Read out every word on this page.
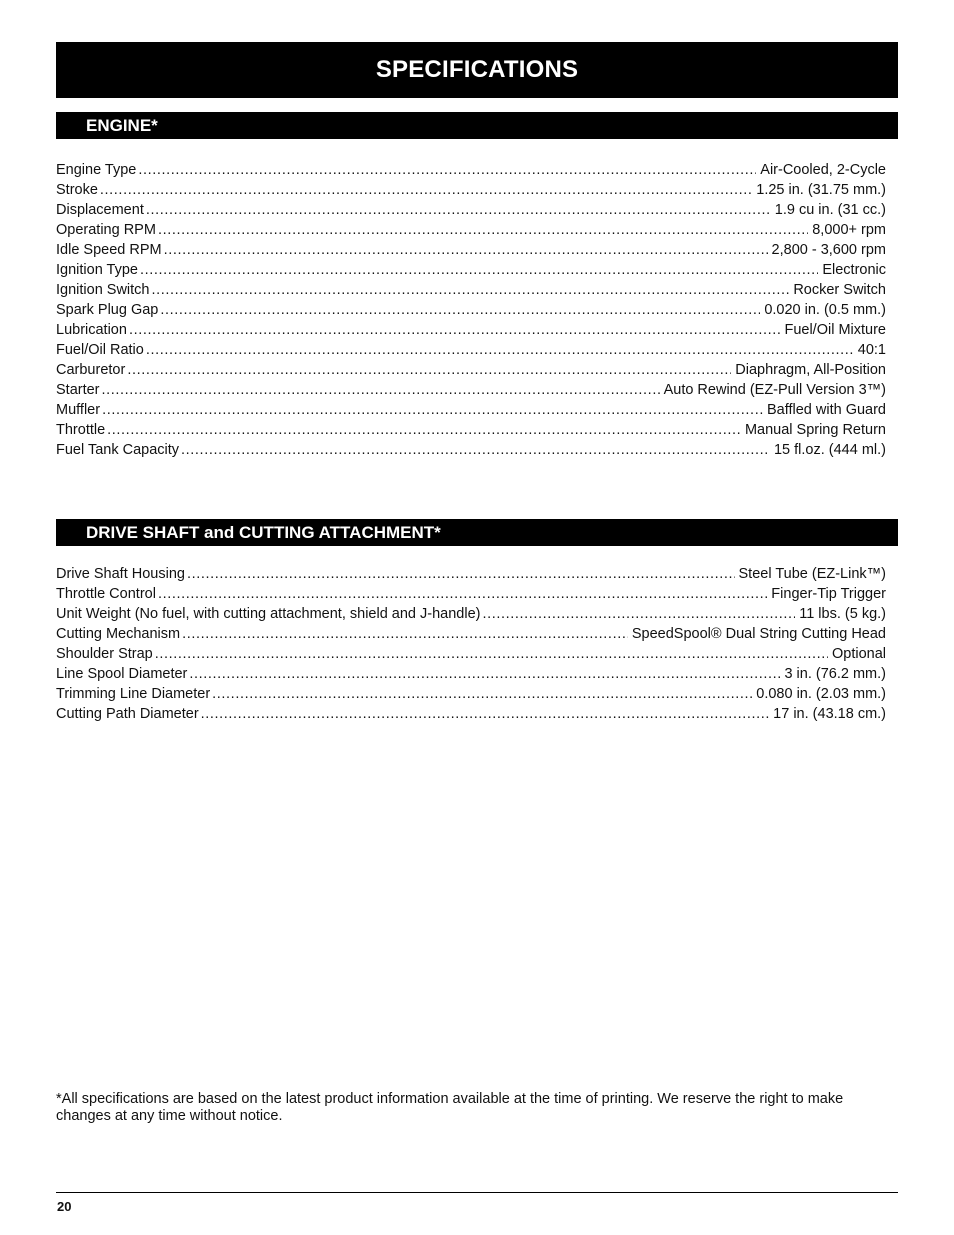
SPECIFICATIONS
ENGINE*
Engine Type .....	Air-Cooled, 2-Cycle
Stroke .....	1.25 in. (31.75 mm.)
Displacement .....	1.9 cu in. (31 cc.)
Operating RPM .....	8,000+ rpm
Idle Speed RPM .....	2,800 - 3,600 rpm
Ignition Type .....	Electronic
Ignition Switch .....	Rocker Switch
Spark Plug Gap .....	0.020 in. (0.5 mm.)
Lubrication .....	Fuel/Oil Mixture
Fuel/Oil Ratio .....	40:1
Carburetor .....	Diaphragm, All-Position
Starter .....	Auto Rewind (EZ-Pull Version 3™)
Muffler .....	Baffled with Guard
Throttle .....	Manual Spring Return
Fuel Tank Capacity .....	15 fl.oz. (444 ml.)
DRIVE SHAFT and CUTTING ATTACHMENT*
Drive Shaft Housing .....	Steel Tube (EZ-Link™)
Throttle Control .....	Finger-Tip Trigger
Unit Weight (No fuel, with cutting attachment, shield and J-handle) .....	11 lbs. (5 kg.)
Cutting Mechanism .....	SpeedSpool® Dual String Cutting Head
Shoulder Strap .....	Optional
Line Spool Diameter .....	3 in. (76.2 mm.)
Trimming Line Diameter .....	0.080 in. (2.03 mm.)
Cutting Path Diameter .....	17 in. (43.18 cm.)
*All specifications are based on the latest product information available at the time of printing. We reserve the right to make changes at any time without notice.
20
